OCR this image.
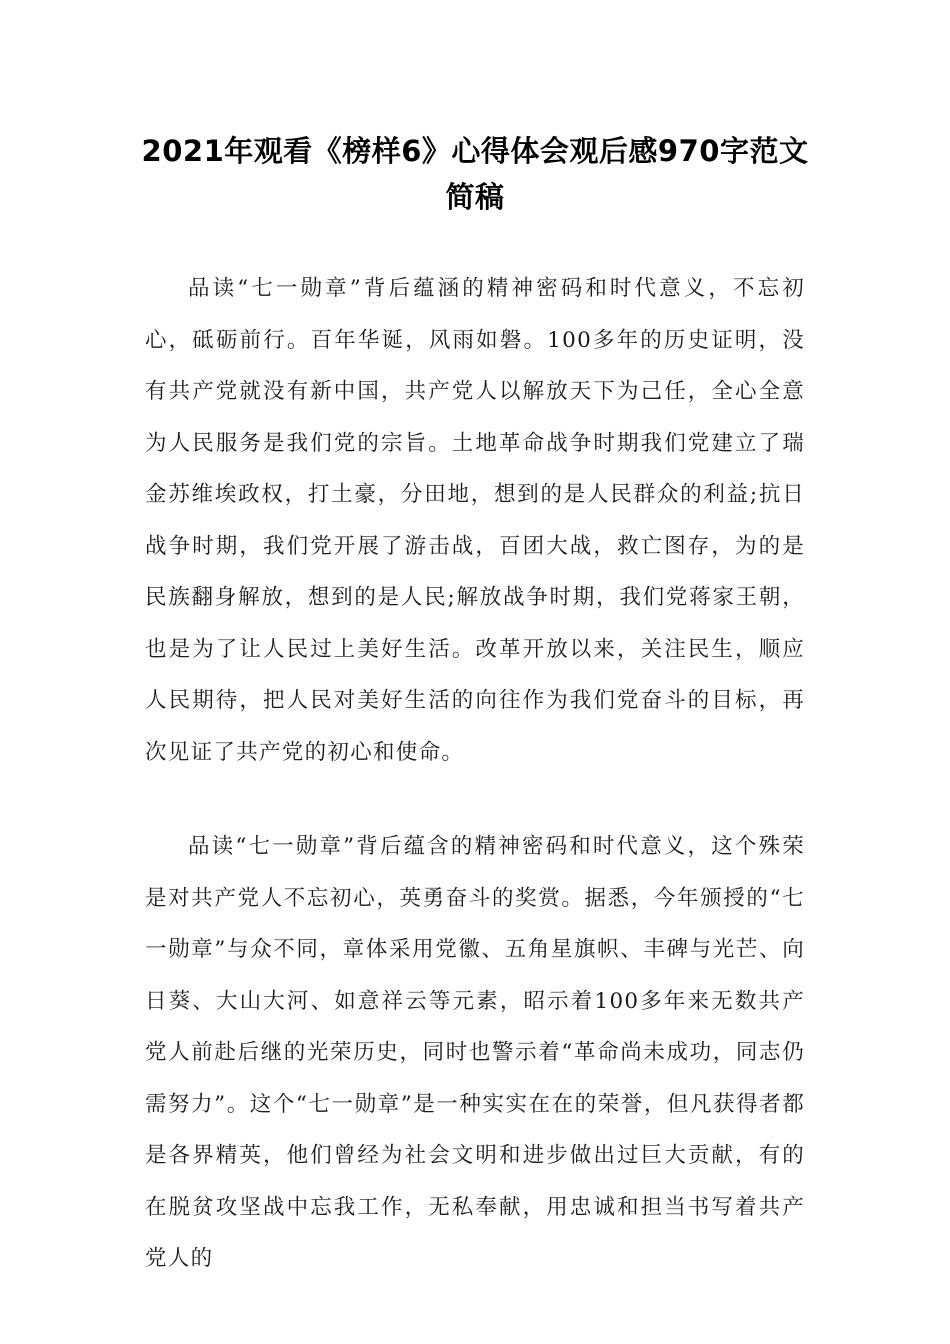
2021年观看《榜样6》心得体会观后感970字范文简稿

品读“七一勋章”背后蕴涵的精神密码和时代意义，不忘初心，砥砺前行。百年华诞，风雨如磐。100多年的历史证明，没有共产党就没有新中国，共产党人以解放天下为己任，全心全意为人民服务是我们党的宗旨。土地革命战争时期我们党建立了瑞金苏维埃政权，打土豪，分田地，想到的是人民群众的利益;抗日战争时期，我们党开展了游击战，百团大战，救亡图存，为的是民族翻身解放，想到的是人民;解放战争时期，我们党蒋家王朝，也是为了让人民过上美好生活。改革开放以来，关注民生，顺应人民期待，把人民对美好生活的向往作为我们党奋斗的目标，再次见证了共产党的初心和使命。

品读“七一勋章”背后蕴含的精神密码和时代意义，这个殊荣是对共产党人不忘初心，英勇奋斗的奖赏。据悉，今年颁授的“七一勋章”与众不同，章体采用党徽、五角星旗帜、丰碑与光芒、向日葵、大山大河、如意祥云等元素，昭示着100多年来无数共产党人前赴后继的光荣历史，同时也警示着“革命尚未成功，同志仍需努力”。这个“七一勋章”是一种实实在在的荣誉，但凡获得者都是各界精英，他们曾经为社会文明和进步做出过巨大贡献，有的在脱贫攻坚战中忘我工作，无私奉献，用忠诚和担当书写着共产党人的
